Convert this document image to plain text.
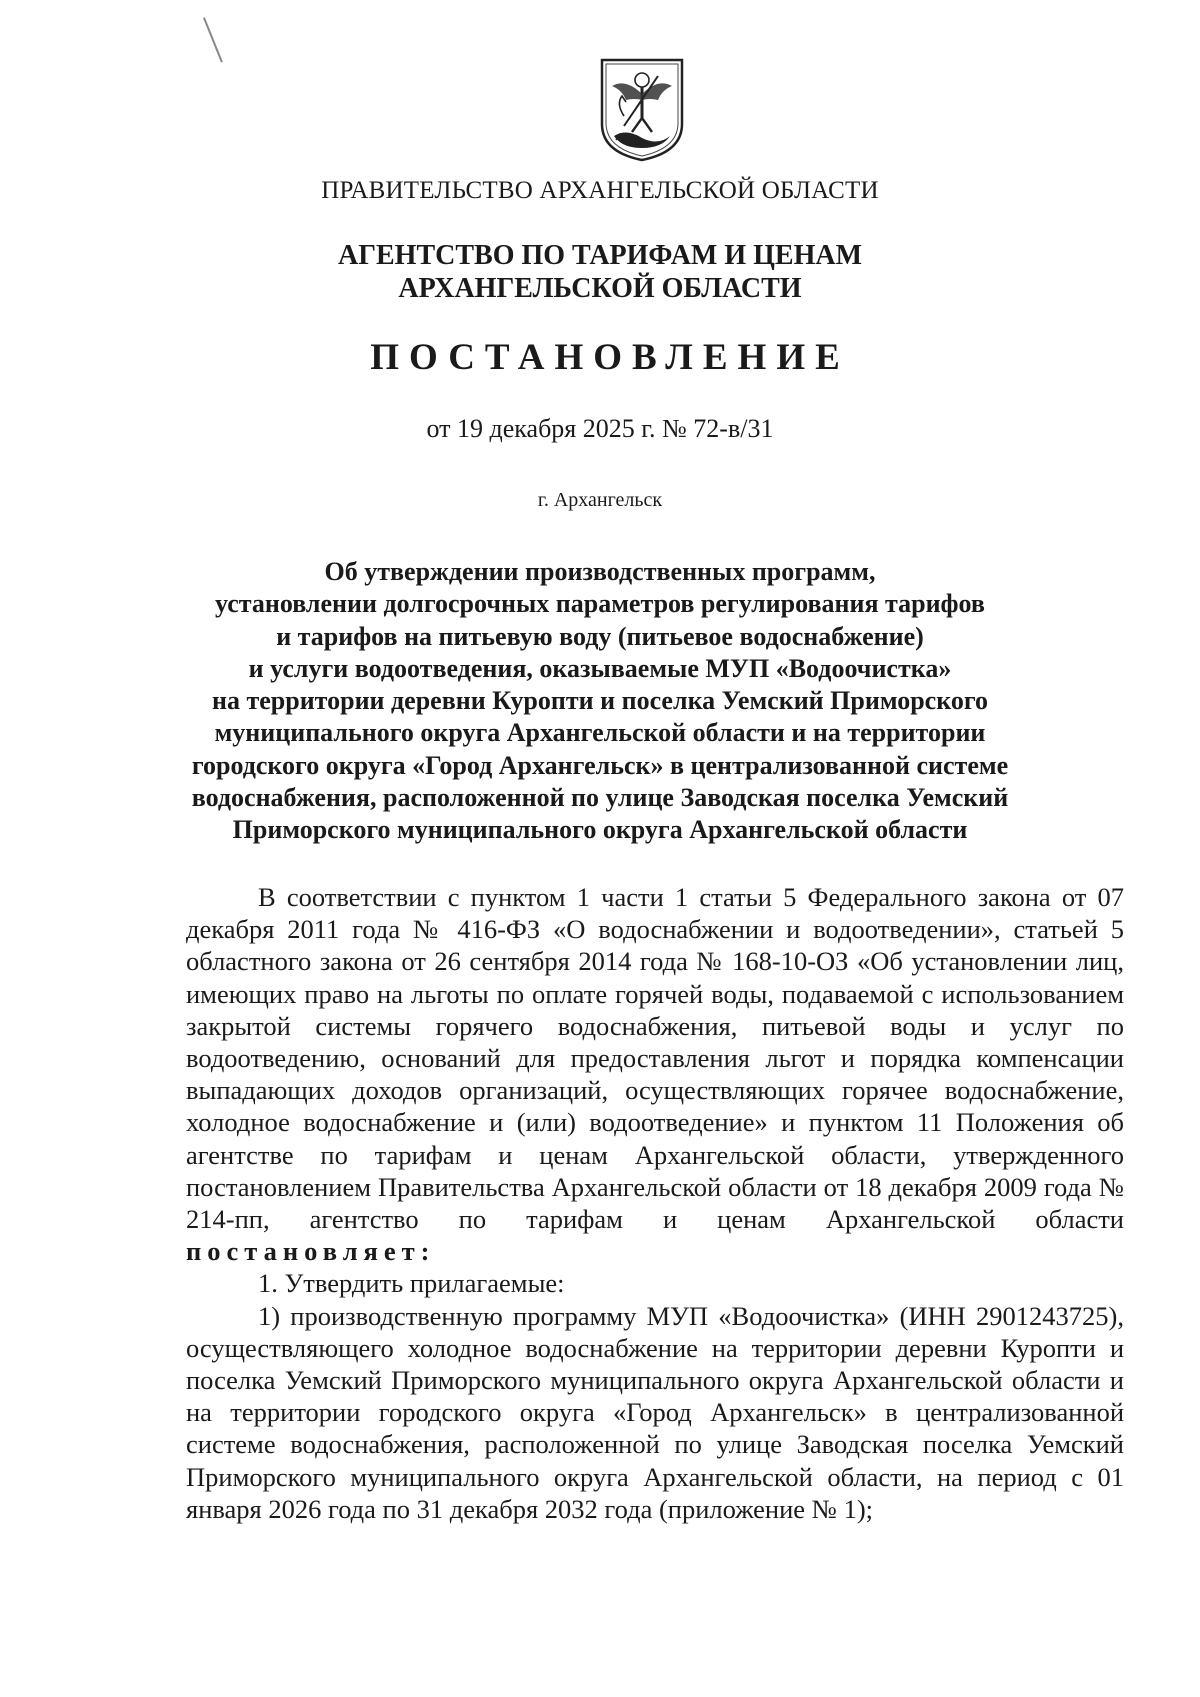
ПРАВИТЕЛЬСТВО АРХАНГЕЛЬСКОЙ ОБЛАСТИ
АГЕНТСТВО ПО ТАРИФАМ И ЦЕНАМ
АРХАНГЕЛЬСКОЙ ОБЛАСТИ
ПОСТАНОВЛЕНИЕ
от 19 декабря 2025 г. № 72-в/31
г. Архангельск
Об утверждении производственных программ,
установлении долгосрочных параметров регулирования тарифов
и тарифов на питьевую воду (питьевое водоснабжение)
и услуги водоотведения, оказываемые МУП «Водоочистка»
на территории деревни Куропти и поселка Уемский Приморского
муниципального округа Архангельской области и на территории
городского округа «Город Архангельск» в централизованной системе
водоснабжения, расположенной по улице Заводская поселка Уемский
Приморского муниципального округа Архангельской области

В соответствии с пунктом 1 части 1 статьи 5 Федерального закона от 07 декабря 2011 года № 416-ФЗ «О водоснабжении и водоотведении», статьей 5 областного закона от 26 сентября 2014 года № 168-10-ОЗ «Об установлении лиц, имеющих право на льготы по оплате горячей воды, подаваемой с использованием закрытой системы горячего водоснабжения, питьевой воды и услуг по водоотведению, оснований для предоставления льгот и порядка компенсации выпадающих доходов организаций, осуществляющих горячее водоснабжение, холодное водоснабжение и (или) водоотведение» и пунктом 11 Положения об агентстве по тарифам и ценам Архангельской области, утвержденного постановлением Правительства Архангельской области от 18 декабря 2009 года № 214-пп, агентство по тарифам и ценам Архангельской области постановляет:

1. Утвердить прилагаемые:

1) производственную программу МУП «Водоочистка» (ИНН 2901243725), осуществляющего холодное водоснабжение на территории деревни Куропти и поселка Уемский Приморского муниципального округа Архангельской области и на территории городского округа «Город Архангельск» в централизованной системе водоснабжения, расположенной по улице Заводская поселка Уемский Приморского муниципального округа Архангельской области, на период с 01 января 2026 года по 31 декабря 2032 года (приложение № 1);
